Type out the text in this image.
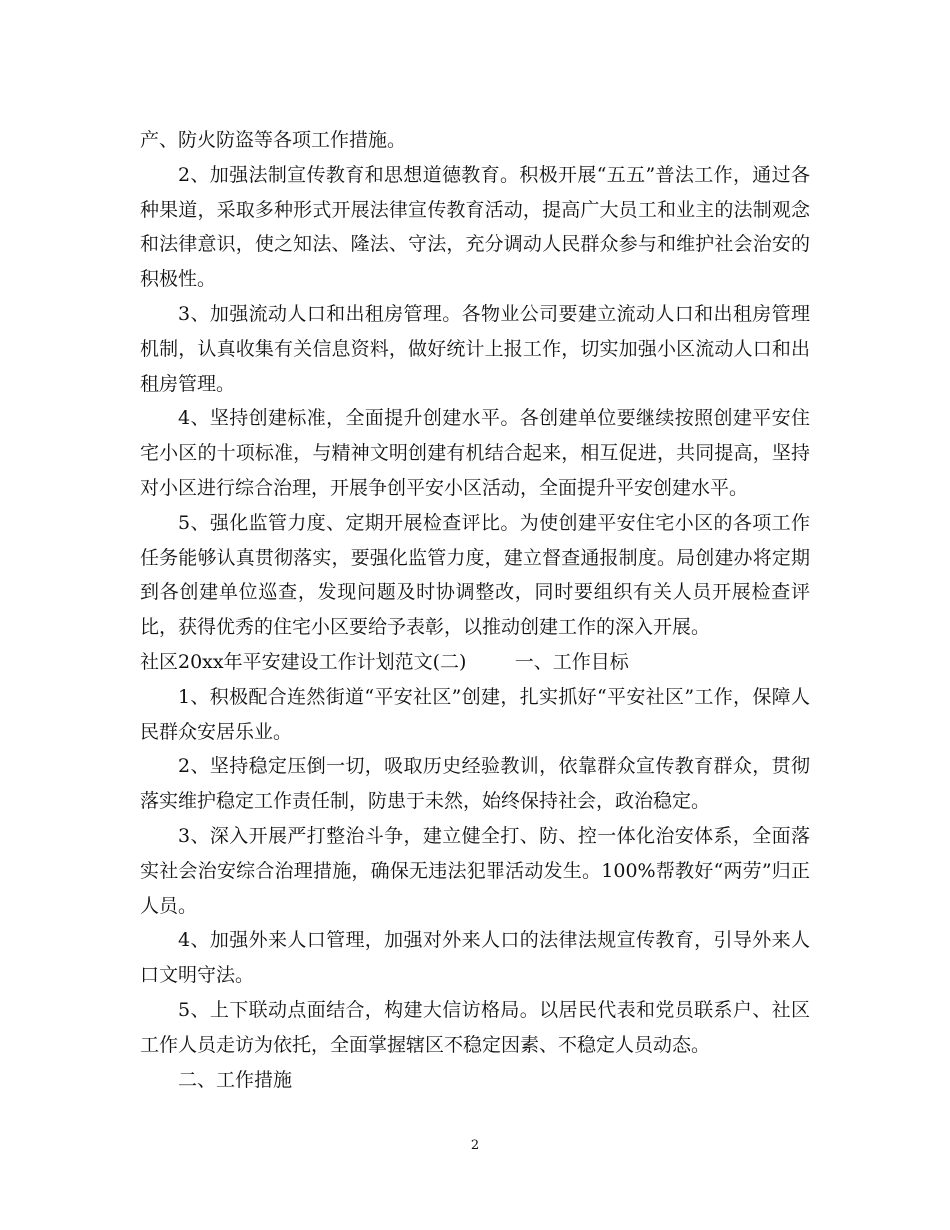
产、防火防盗等各项工作措施。

2、加强法制宣传教育和思想道德教育。积极开展“五五”普法工作，通过各种果道，采取多种形式开展法律宣传教育活动，提高广大员工和业主的法制观念和法律意识，使之知法、隆法、守法，充分调动人民群众参与和维护社会治安的积极性。

3、加强流动人口和出租房管理。各物业公司要建立流动人口和出租房管理机制，认真收集有关信息资料，做好统计上报工作，切实加强小区流动人口和出租房管理。

4、坚持创建标准，全面提升创建水平。各创建单位要继续按照创建平安住宅小区的十项标准，与精神文明创建有机结合起来，相互促进，共同提高，坚持对小区进行综合治理，开展争创平安小区活动，全面提升平安创建水平。

5、强化监管力度、定期开展检查评比。为使创建平安住宅小区的各项工作任务能够认真贯彻落实，要强化监管力度，建立督查通报制度。局创建办将定期到各创建单位巡查，发现问题及时协调整改，同时要组织有关人员开展检查评比，获得优秀的住宅小区要给予表彰，以推动创建工作的深入开展。

社区20xx年平安建设工作计划范文(二)        一、工作目标

1、积极配合连然街道“平安社区”创建，扎实抓好“平安社区”工作，保障人民群众安居乐业。

2、坚持稳定压倒一切，吸取历史经验教训，依靠群众宣传教育群众，贯彻落实维护稳定工作责任制，防患于未然，始终保持社会，政治稳定。

3、深入开展严打整治斗争，建立健全打、防、控一体化治安体系，全面落实社会治安综合治理措施，确保无违法犯罪活动发生。100%帮教好“两劳”归正人员。

4、加强外来人口管理，加强对外来人口的法律法规宣传教育，引导外来人口文明守法。

5、上下联动点面结合，构建大信访格局。以居民代表和党员联系户、社区工作人员走访为依托，全面掌握辖区不稳定因素、不稳定人员动态。

二、工作措施

2
